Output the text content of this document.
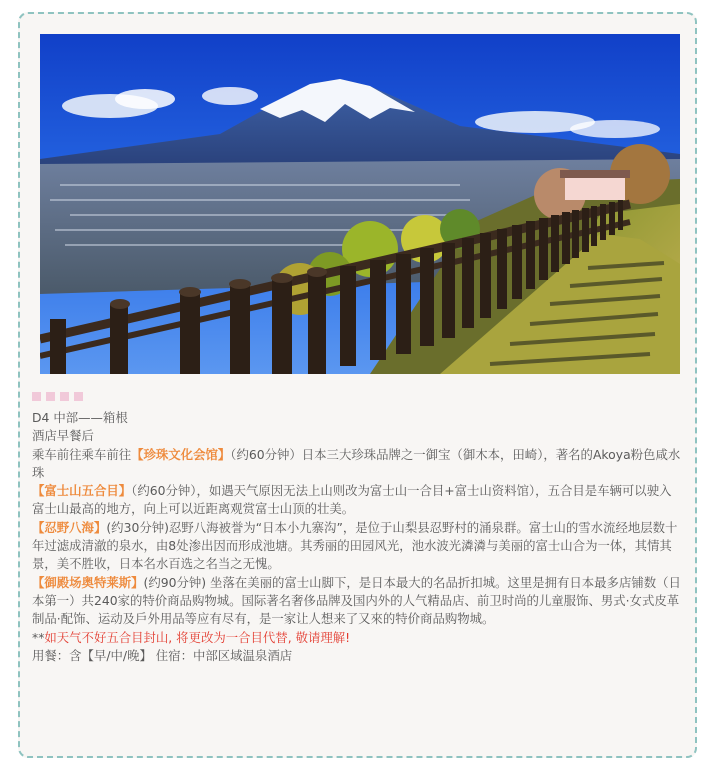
D4 中部——箱根

酒店早餐后

乘车前往乘车前往【珍珠文化会馆】（约60分钟）日本三大珍珠品牌之一御宝（御木本，田崎），著名的Akoya粉色咸水珠

【富士山五合目】（约60分钟），如遇天气原因无法上山则改为富士山一合目+富士山资料馆），五合目是车辆可以驶入富士山最高的地方，向上可以近距离观赏富士山顶的壮美。

【忍野八海】(约30分钟)忍野八海被誉为“日本小九寨沟”，是位于山梨县忍野村的涌泉群。富士山的雪水流经地层数十年过滤成清澈的泉水，由8处渗出因而形成池塘。其秀丽的田园风光，池水波光潾潾与美丽的富士山合为一体，其情其景，美不胜收，日本名水百选之名当之无愧。

【御殿场奥特莱斯】(约90分钟) 坐落在美丽的富士山脚下，是日本最大的名品折扣城。这里是拥有日本最多店铺数（日本第一）共240家的特价商品购物城。国际著名奢侈品牌及国内外的人气精品店、前卫时尚的儿童服饰、男式·女式皮革制品·配饰、运动及戶外用品等应有尽有，是一家让人想来了又來的特价商品购物城。

**如天气不好五合目封山, 将更改为一合目代替, 敬请理解!

用餐：含【早/中/晚】 住宿：中部区域温泉酒店
